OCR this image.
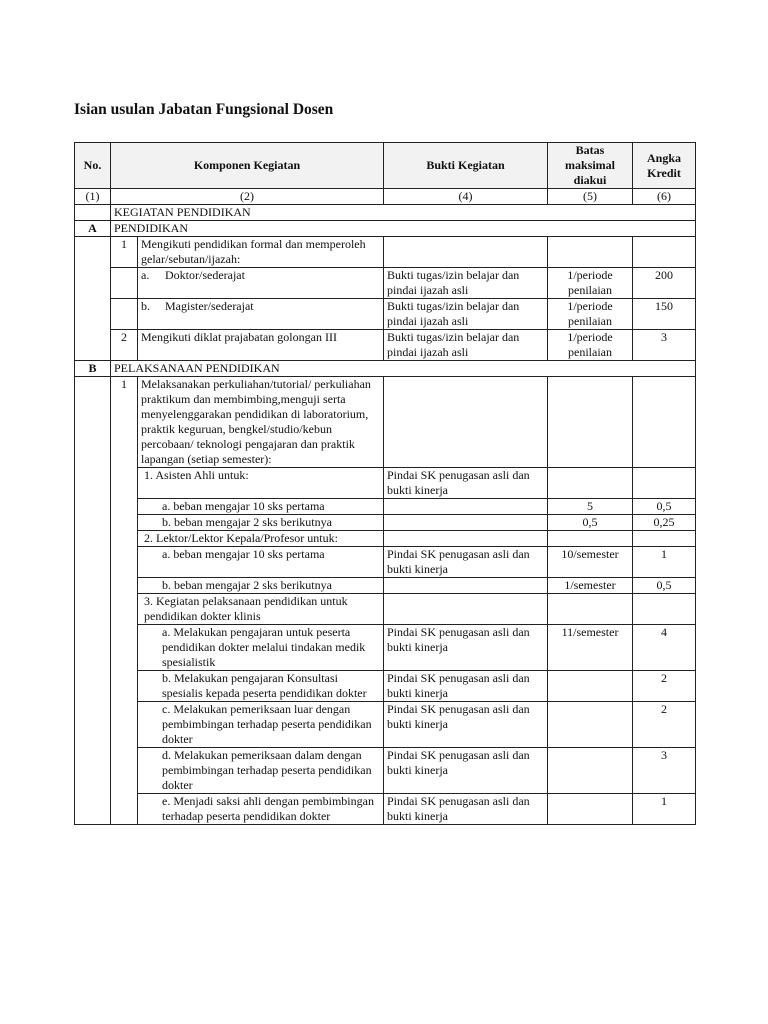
Isian usulan Jabatan Fungsional Dosen
No.	Komponen Kegiatan		Bukti Kegiatan	Batas maksimal diakui	Angka Kredit
(1)	(2)		(4)	(5)	(6)
	KEGIATAN PENDIDIKAN				
A	PENDIDIKAN				
	1	Mengikuti pendidikan formal dan memperoleh gelar/sebutan/ijazah:			
		a. Doktor/sederajat	Bukti tugas/izin belajar dan pindai ijazah asli	1/periode penilaian	200
		b. Magister/sederajat	Bukti tugas/izin belajar dan pindai ijazah asli	1/periode penilaian	150
	2	Mengikuti diklat prajabatan golongan III	Bukti tugas/izin belajar dan pindai ijazah asli	1/periode penilaian	3
B	PELAKSANAAN PENDIDIKAN				
	1	Melaksanakan perkuliahan/tutorial/ perkuliahan praktikum dan membimbing,menguji serta menyelenggarakan pendidikan di laboratorium, praktik keguruan, bengkel/studio/kebun percobaan/ teknologi pengajaran dan praktik lapangan (setiap semester):			
		1. Asisten Ahli untuk:	Pindai SK penugasan asli dan bukti kinerja		
		a. beban mengajar 10 sks pertama		5	0,5
		b. beban mengajar 2 sks berikutnya		0,5	0,25
		2. Lektor/Lektor Kepala/Profesor untuk:			
		a. beban mengajar 10 sks pertama	Pindai SK penugasan asli dan bukti kinerja	10/semester	1
		b. beban mengajar 2 sks berikutnya		1/semester	0,5
		3. Kegiatan pelaksanaan pendidikan untuk pendidikan dokter klinis			
		a. Melakukan pengajaran untuk peserta pendidikan dokter melalui tindakan medik spesialistik	Pindai SK penugasan asli dan bukti kinerja	11/semester	4
		b. Melakukan pengajaran Konsultasi spesialis kepada peserta pendidikan dokter	Pindai SK penugasan asli dan bukti kinerja		2
		c. Melakukan pemeriksaan luar dengan pembimbingan terhadap peserta pendidikan dokter	Pindai SK penugasan asli dan bukti kinerja		2
		d. Melakukan pemeriksaan dalam dengan pembimbingan terhadap peserta pendidikan dokter	Pindai SK penugasan asli dan bukti kinerja		3
		e. Menjadi saksi ahli dengan pembimbingan terhadap peserta pendidikan dokter	Pindai SK penugasan asli dan bukti kinerja		1
